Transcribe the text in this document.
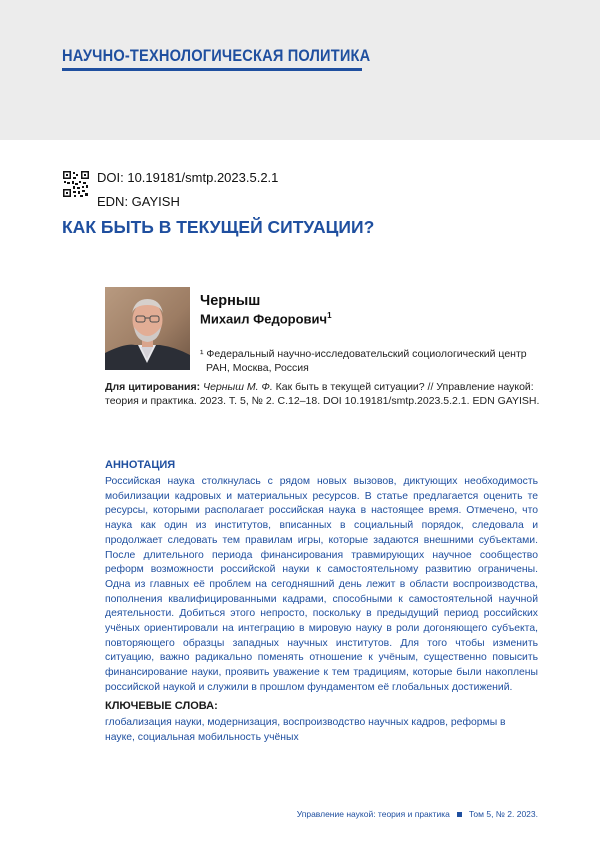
НАУЧНО-ТЕХНОЛОГИЧЕСКАЯ ПОЛИТИКА
DOI: 10.19181/smtp.2023.5.2.1
EDN: GAYISH
КАК БЫТЬ В ТЕКУЩЕЙ СИТУАЦИИ?
Черныш
Михаил Федорович$^1$
¹ Федеральный научно-исследовательский социологический центр
РАН, Москва, Россия
Для цитирования: Черныш М. Ф. Как быть в текущей ситуации? // Управление наукой: теория и практика. 2023. Т. 5, № 2. С.12–18. DOI 10.19181/smtp.2023.5.2.1. EDN GAYISH.
АННОТАЦИЯ
Российская наука столкнулась с рядом новых вызовов, диктующих необходимость мобилизации кадровых и материальных ресурсов. В статье предлагается оценить те ресурсы, которыми располагает российская наука в настоящее время. Отмечено, что наука как один из институтов, вписанных в социальный порядок, следовала и продолжает следовать тем правилам игры, которые задаются внешними субъектами. После длительного периода финансирования травмирующих научное сообщество реформ возможности российской науки к самостоятельному развитию ограничены. Одна из главных её проблем на сегодняшний день лежит в области воспроизводства, пополнения квалифицированными кадрами, способными к самостоятельной научной деятельности. Добиться этого непросто, поскольку в предыдущий период российских учёных ориентировали на интеграцию в мировую науку в роли догоняющего субъекта, повторяющего образцы западных научных институтов. Для того чтобы изменить ситуацию, важно радикально поменять отношение к учёным, существенно повысить финансирование науки, проявить уважение к тем традициям, которые были накоплены российской наукой и служили в прошлом фундаментом её глобальных достижений.
КЛЮЧЕВЫЕ СЛОВА:
глобализация науки, модернизация, воспроизводство научных кадров, реформы в науке, социальная мобильность учёных
Управление наукой: теория и практика Том 5, № 2. 2023.
